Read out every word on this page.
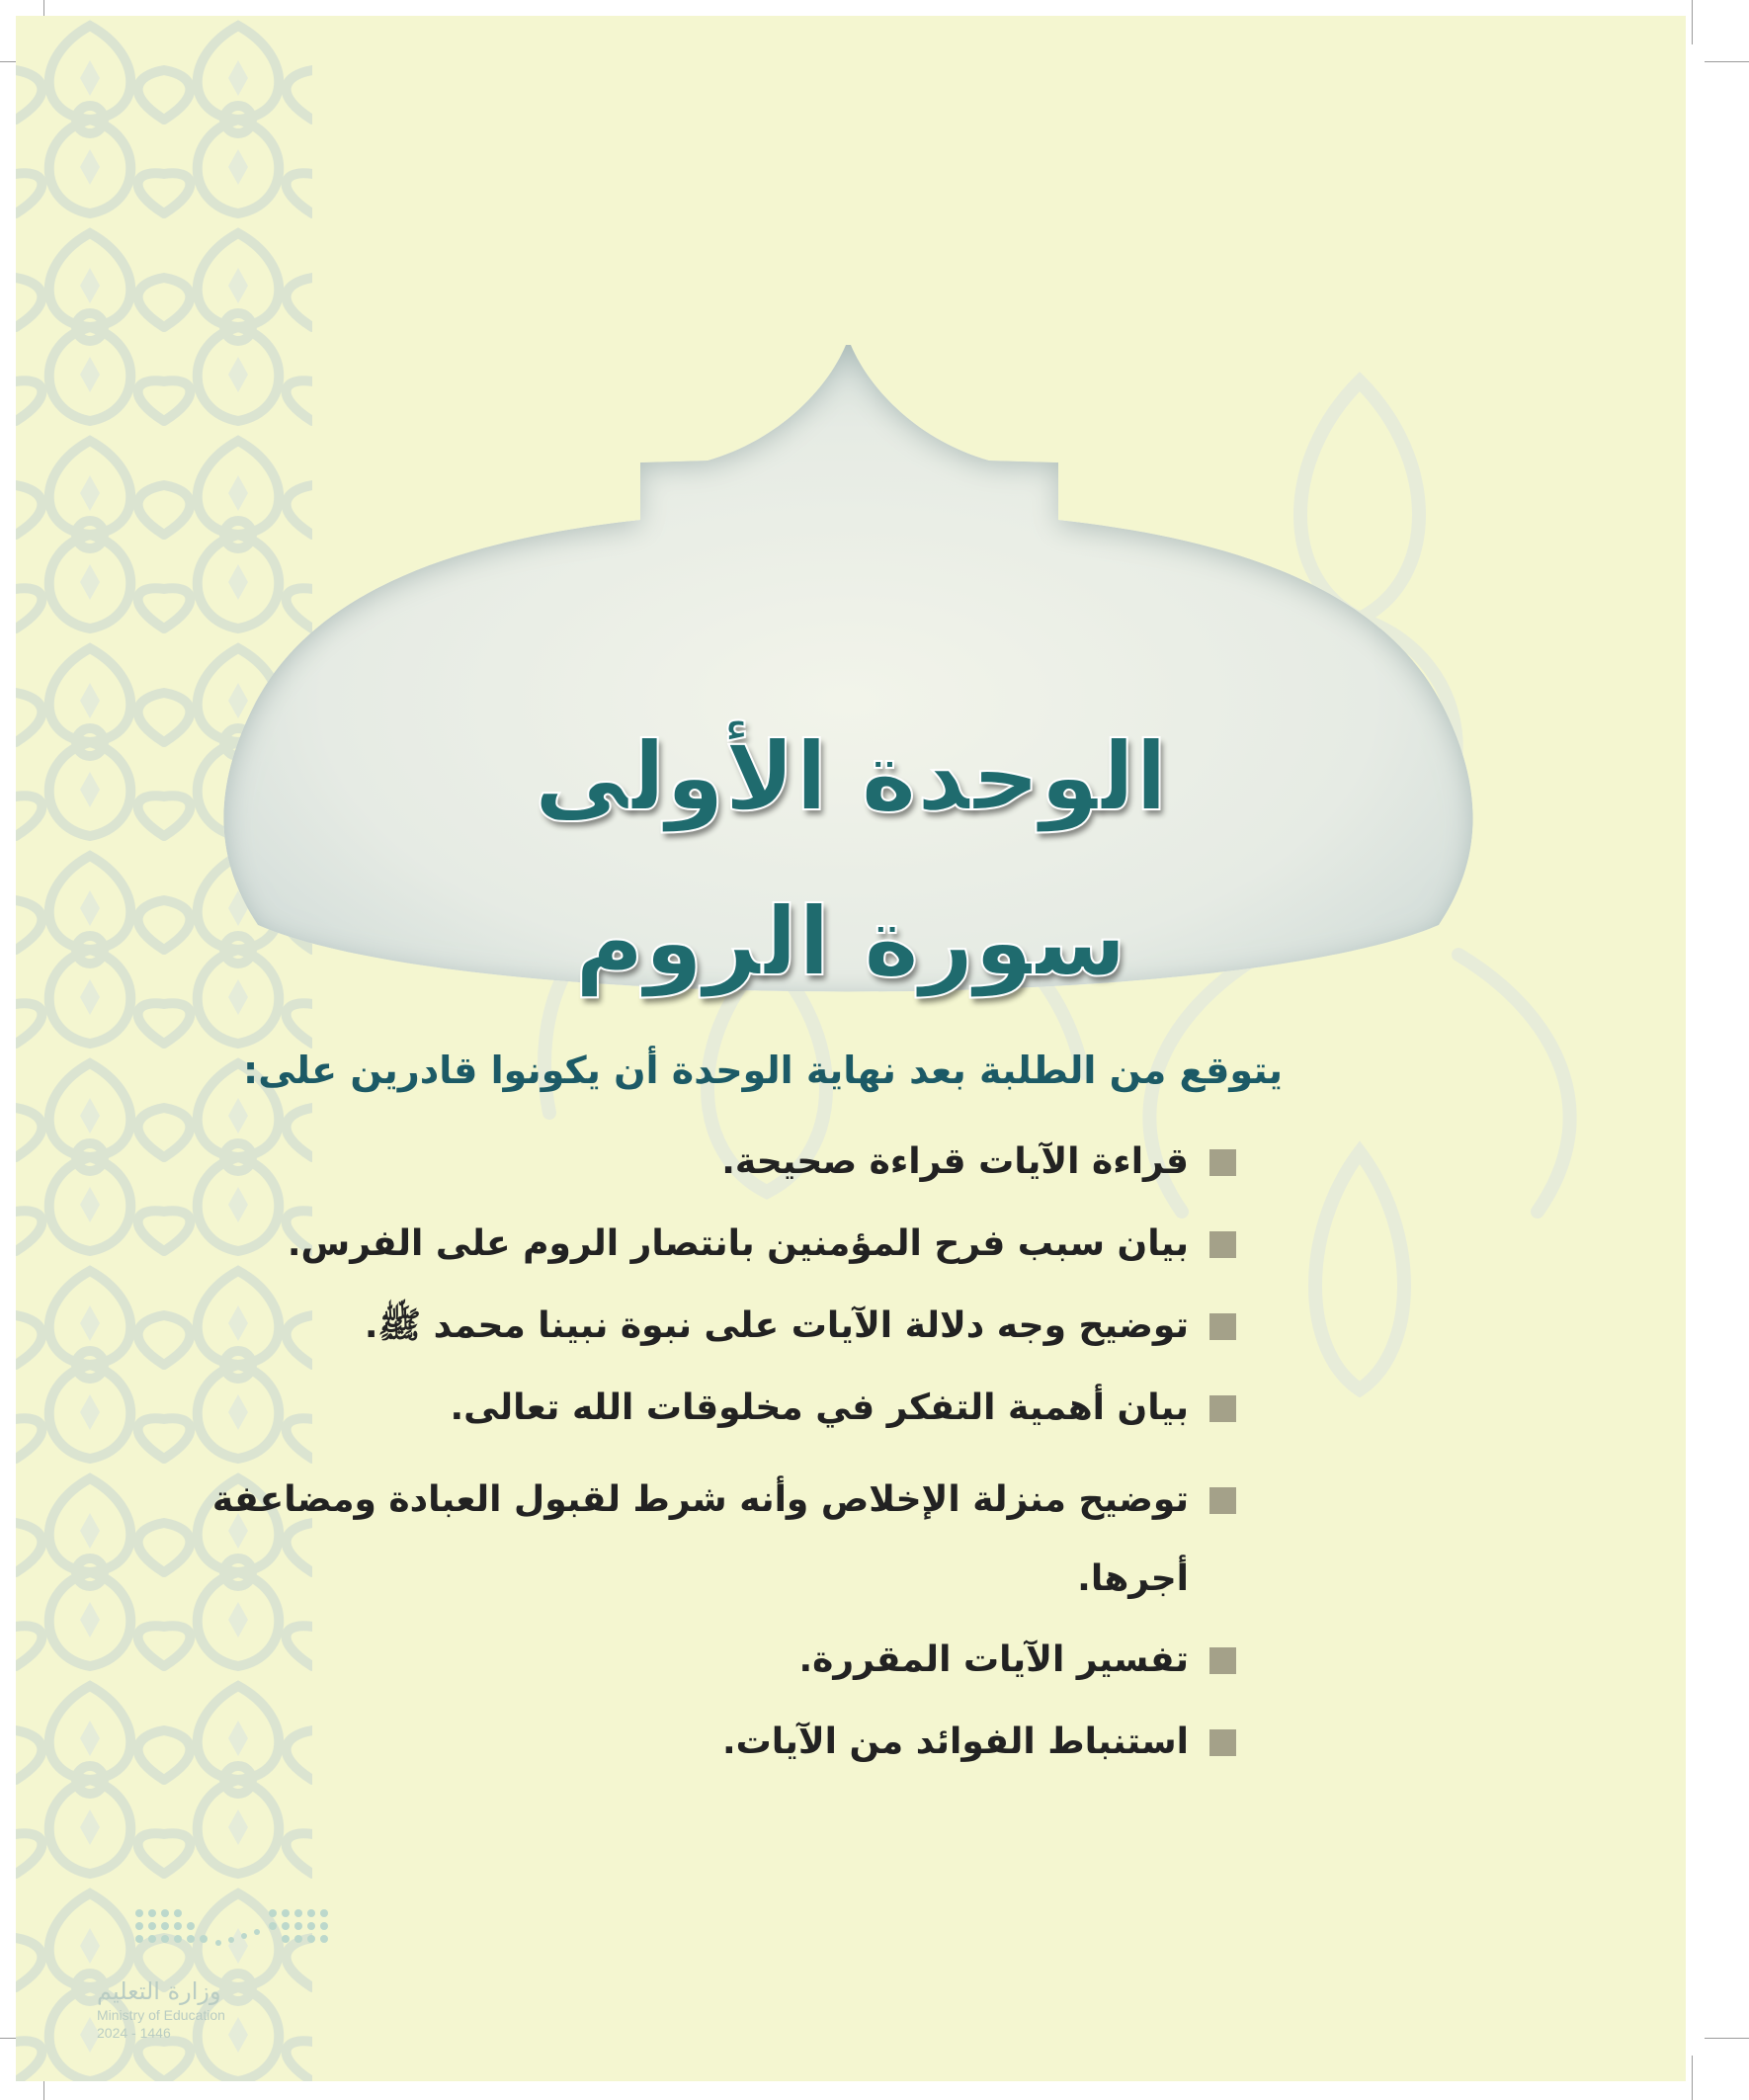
الوحدة الأولى
سورة الروم
يتوقع من الطلبة بعد نهاية الوحدة أن يكونوا قادرين على:
قراءة الآيات قراءة صحيحة.
بيان سبب فرح المؤمنين بانتصار الروم على الفرس.
توضيح وجه دلالة الآيات على نبوة نبينا محمد ﷺ.
بيان أهمية التفكر في مخلوقات الله تعالى.
توضيح منزلة الإخلاص وأنه شرط لقبول العبادة ومضاعفة أجرها.
تفسير الآيات المقررة.
استنباط الفوائد من الآيات.
وزارة التعليم
Ministry of Education
2024 - 1446
